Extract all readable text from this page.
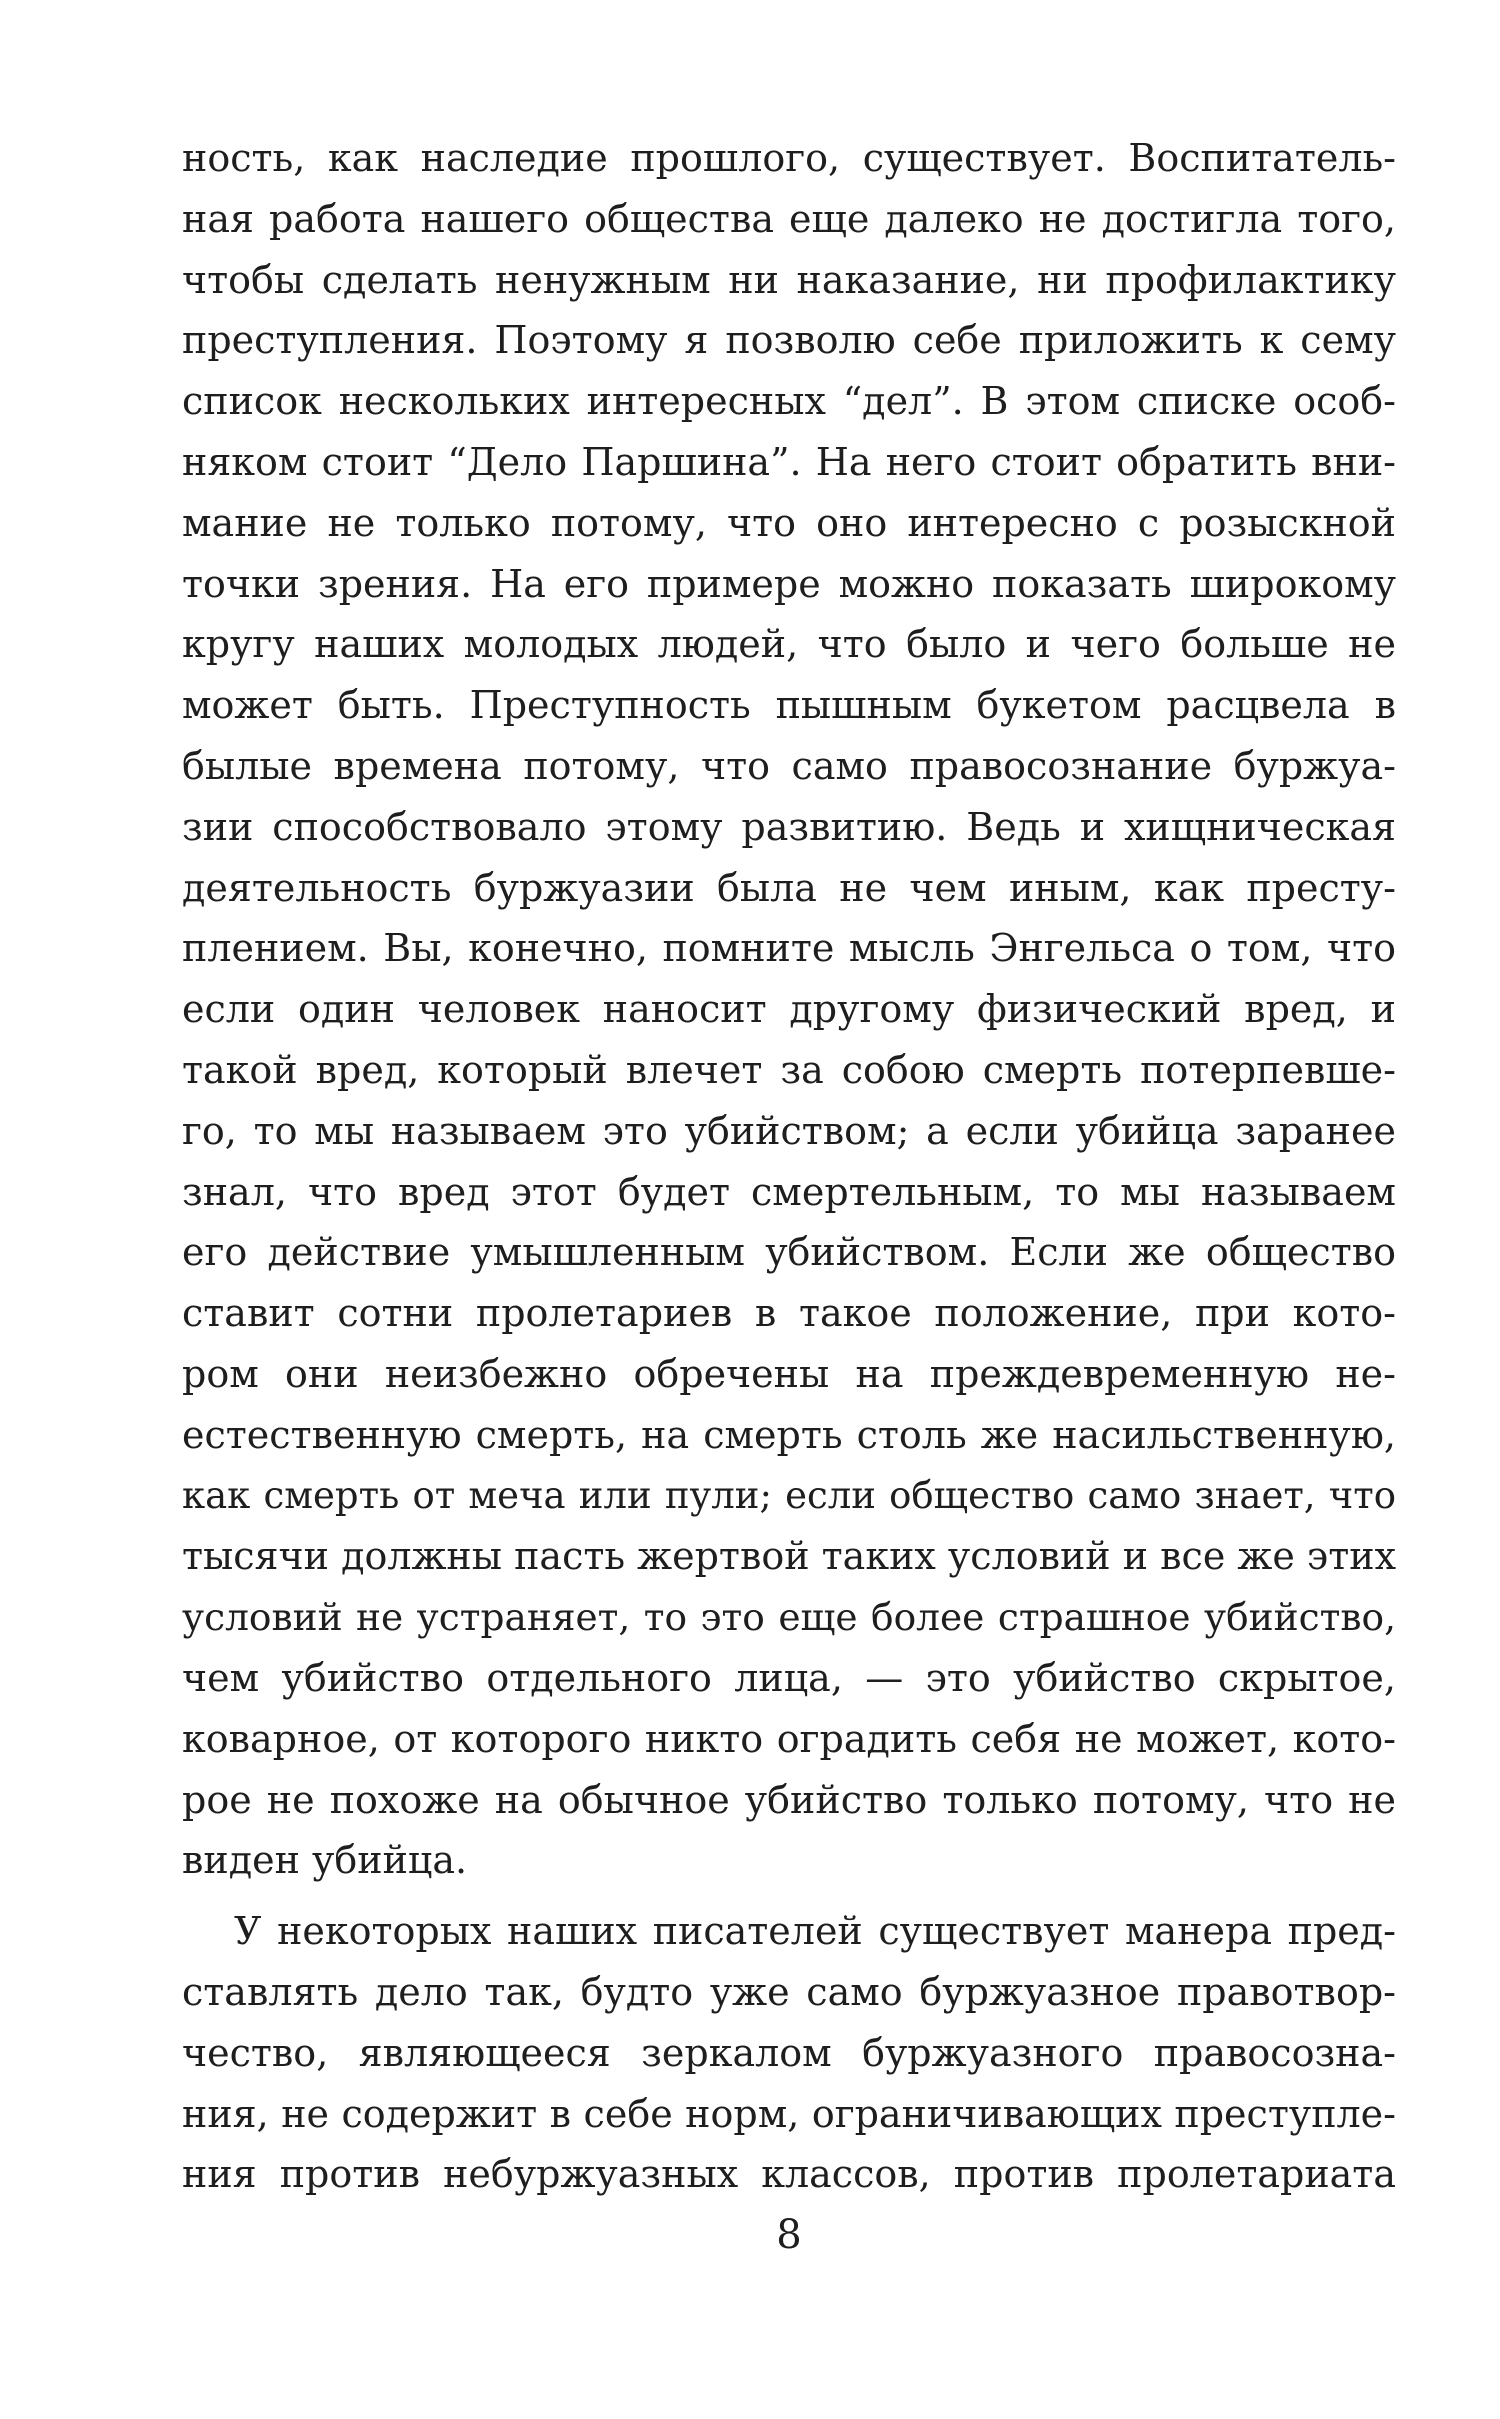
ность, как наследие прошлого, существует. Воспитатель-
ная работа нашего общества еще далеко не достигла того,
чтобы сделать ненужным ни наказание, ни профилактику
преступления. Поэтому я позволю себе приложить к сему
список нескольких интересных “дел”. В этом списке особ-
няком стоит “Дело Паршина”. На него стоит обратить вни-
мание не только потому, что оно интересно с розыскной
точки зрения. На его примере можно показать широкому
кругу наших молодых людей, что было и чего больше не
может быть. Преступность пышным букетом расцвела в
былые времена потому, что само правосознание буржуа-
зии способствовало этому развитию. Ведь и хищническая
деятельность буржуазии была не чем иным, как престу-
плением. Вы, конечно, помните мысль Энгельса о том, что
если один человек наносит другому физический вред, и
такой вред, который влечет за собою смерть потерпевше-
го, то мы называем это убийством; а если убийца заранее
знал, что вред этот будет смертельным, то мы называем
его действие умышленным убийством. Если же общество
ставит сотни пролетариев в такое положение, при кото-
ром они неизбежно обречены на преждевременную не-
естественную смерть, на смерть столь же насильственную,
как смерть от меча или пули; если общество само знает, что
тысячи должны пасть жертвой таких условий и все же этих
условий не устраняет, то это еще более страшное убийство,
чем убийство отдельного лица, — это убийство скрытое,
коварное, от которого никто оградить себя не может, кото-
рое не похоже на обычное убийство только потому, что не
виден убийца.
У некоторых наших писателей существует манера пред-
ставлять дело так, будто уже само буржуазное правотвор-
чество, являющееся зеркалом буржуазного правосозна-
ния, не содержит в себе норм, ограничивающих преступле-
ния против небуржуазных классов, против пролетариата
8
